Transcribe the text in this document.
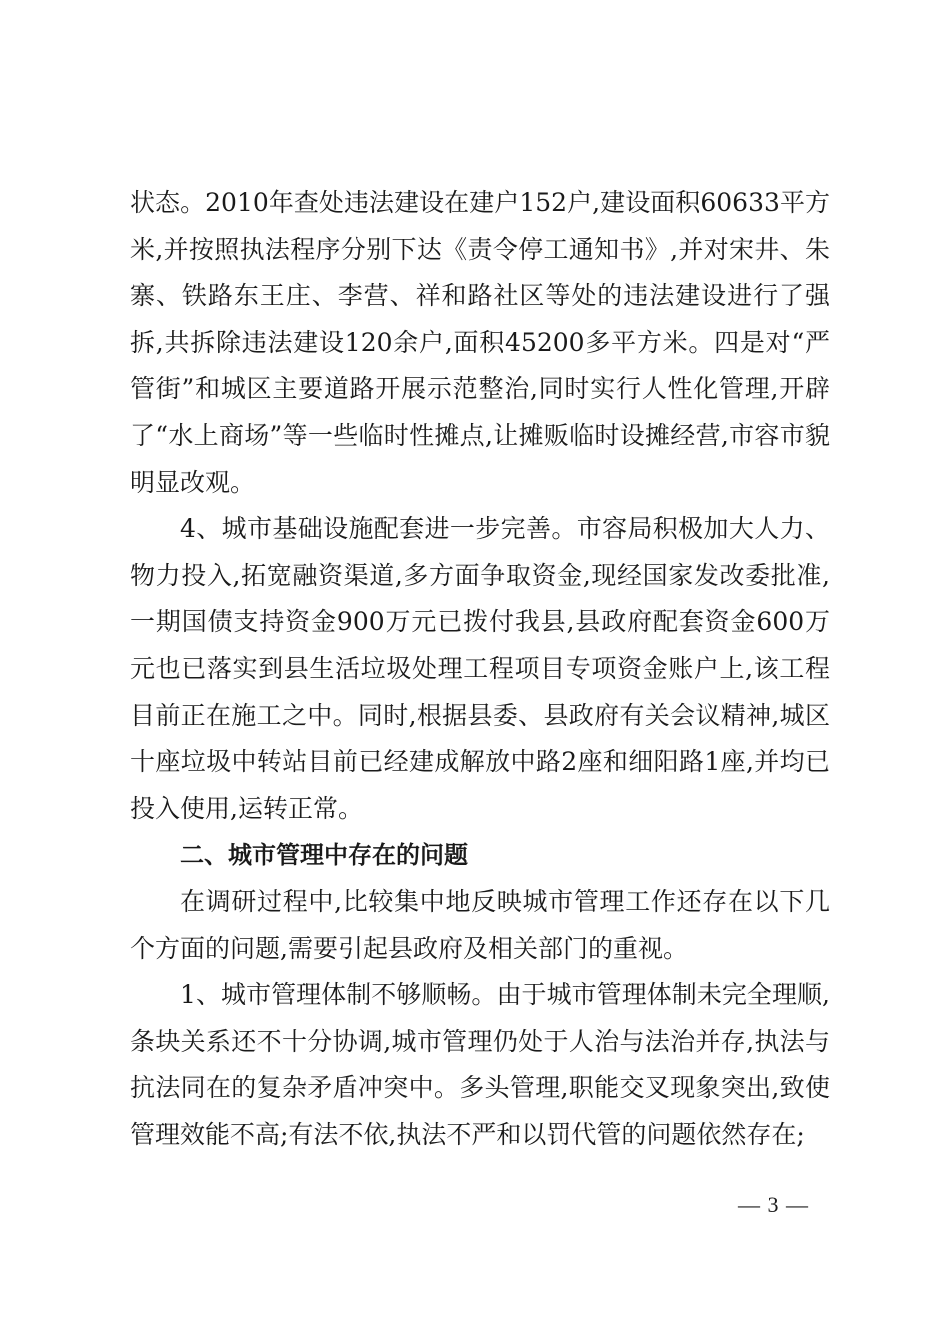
状态。2010年查处违法建设在建户152户,建设面积60633平方米,并按照执法程序分别下达《责令停工通知书》,并对宋井、朱寨、铁路东王庄、李营、祥和路社区等处的违法建设进行了强拆,共拆除违法建设120余户,面积45200多平方米。四是对“严管街”和城区主要道路开展示范整治,同时实行人性化管理,开辟了“水上商场”等一些临时性摊点,让摊贩临时设摊经营,市容市貌明显改观。

4、城市基础设施配套进一步完善。市容局积极加大人力、物力投入,拓宽融资渠道,多方面争取资金,现经国家发改委批准,一期国债支持资金900万元已拨付我县,县政府配套资金600万元也已落实到县生活垃圾处理工程项目专项资金账户上,该工程目前正在施工之中。同时,根据县委、县政府有关会议精神,城区十座垃圾中转站目前已经建成解放中路2座和细阳路1座,并均已投入使用,运转正常。

二、城市管理中存在的问题

在调研过程中,比较集中地反映城市管理工作还存在以下几个方面的问题,需要引起县政府及相关部门的重视。

1、城市管理体制不够顺畅。由于城市管理体制未完全理顺,条块关系还不十分协调,城市管理仍处于人治与法治并存,执法与抗法同在的复杂矛盾冲突中。多头管理,职能交叉现象突出,致使管理效能不高;有法不依,执法不严和以罚代管的问题依然存在;

— 3 —
